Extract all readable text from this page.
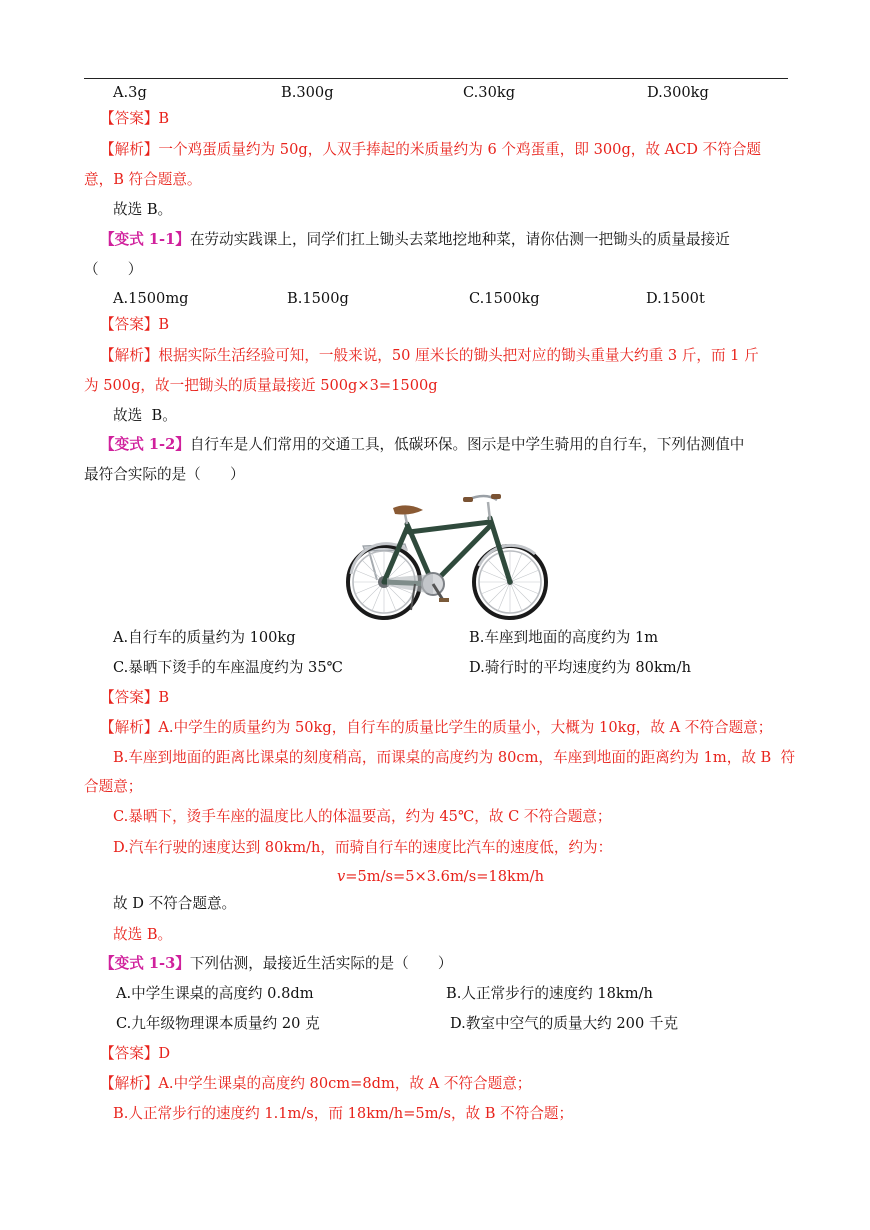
A.3g	B.300g	C.30kg	D.300kg
【答案】B
【解析】一个鸡蛋质量约为 50g，人双手捧起的米质量约为 6 个鸡蛋重，即 300g，故 ACD 不符合题
意，B 符合题意。
故选 B。
【变式 1-1】在劳动实践课上，同学们扛上锄头去菜地挖地种菜，请你估测一把锄头的质量最接近
（　　）
A.1500mg	B.1500g	C.1500kg	D.1500t
【答案】B
【解析】根据实际生活经验可知，一般来说，50 厘米长的锄头把对应的锄头重量大约重 3 斤，而 1 斤
为 500g，故一把锄头的质量最接近 500g×3=1500g
故选  B。
【变式 1-2】自行车是人们常用的交通工具，低碳环保。图示是中学生骑用的自行车，下列估测值中
最符合实际的是（　　）
A.自行车的质量约为 100kg	B.车座到地面的高度约为 1m
C.暴晒下烫手的车座温度约为 35℃	D.骑行时的平均速度约为 80km/h
【答案】B
【解析】A.中学生的质量约为 50kg，自行车的质量比学生的质量小，大概为 10kg，故 A 不符合题意；
B.车座到地面的距离比课桌的刻度稍高，而课桌的高度约为 80cm，车座到地面的距离约为 1m，故 B  符
合题意；
C.暴晒下，烫手车座的温度比人的体温要高，约为 45℃，故 C 不符合题意；
D.汽车行驶的速度达到 80km/h，而骑自行车的速度比汽车的速度低，约为：
v=5m/s=5×3.6m/s=18km/h
故 D 不符合题意。
故选 B。
【变式 1-3】下列估测，最接近生活实际的是（　　）
A.中学生课桌的高度约 0.8dm	B.人正常步行的速度约 18km/h
C.九年级物理课本质量约 20 克	D.教室中空气的质量大约 200 千克
【答案】D
【解析】A.中学生课桌的高度约 80cm=8dm，故 A 不符合题意；
B.人正常步行的速度约 1.1m/s，而 18km/h=5m/s，故 B 不符合题；
